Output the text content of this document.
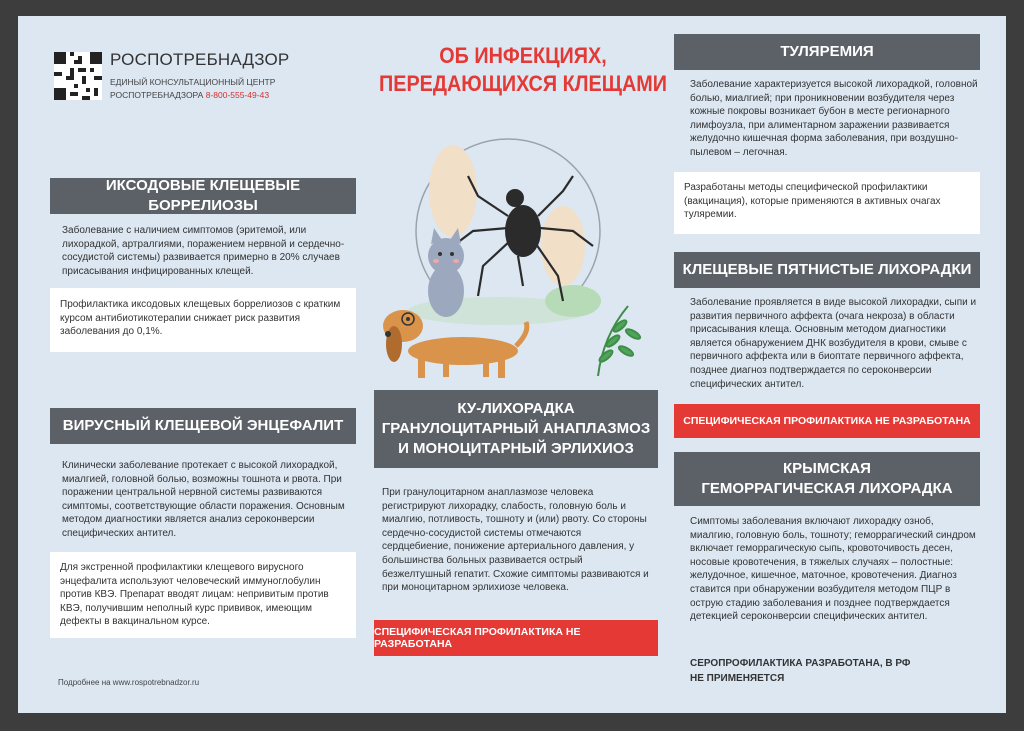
РОСПОТРЕБНАДЗОР
ЕДИНЫЙ КОНСУЛЬТАЦИОННЫЙ ЦЕНТР
РОСПОТРЕБНАДЗОРА 8-800-555-49-43
ОБ ИНФЕКЦИЯХ,
ПЕРЕДАЮЩИХСЯ КЛЕЩАМИ
ИКСОДОВЫЕ КЛЕЩЕВЫЕ БОРРЕЛИОЗЫ
Заболевание с наличием симптомов (эритемой, или лихорадкой, артралгиями, поражением нервной и сердечно-сосудистой системы) развивается примерно в 20% случаев присасывания инфицированных клещей.
Профилактика иксодовых клещевых боррелиозов с кратким курсом антибиотикотерапии снижает риск развития заболевания до 0,1%.
ВИРУСНЫЙ КЛЕЩЕВОЙ ЭНЦЕФАЛИТ
Клинически заболевание протекает с высокой лихорадкой, миалгией, головной болью, возможны тошнота и рвота. При поражении центральной нервной системы развиваются симптомы, соответствующие области поражения. Основным методом диагностики является анализ сероконверсии специфических антител.
Для экстренной профилактики клещевого вирусного энцефалита используют человеческий иммуноглобулин против КВЭ. Препарат вводят лицам: непривитым против КВЭ, получившим неполный курс прививок, имеющим дефекты в вакцинальном курсе.
КУ-ЛИХОРАДКА
ГРАНУЛОЦИТАРНЫЙ АНАПЛАЗМОЗ
И МОНОЦИТАРНЫЙ ЭРЛИХИОЗ
При гранулоцитарном анаплазмозе человека регистрируют лихорадку, слабость, головную боль и миалгию, потливость, тошноту и (или) рвоту. Со стороны сердечно-сосудистой системы отмечаются сердцебиение, понижение артериального давления, у большинства больных развивается острый безжелтушный гепатит. Схожие симптомы развиваются и при моноцитарном эрлихиозе человека.
СПЕЦИФИЧЕСКАЯ ПРОФИЛАКТИКА НЕ РАЗРАБОТАНА
ТУЛЯРЕМИЯ
Заболевание характеризуется высокой лихорадкой, головной болью, миалгией; при проникновении возбудителя через кожные покровы возникает бубон в месте регионарного лимфоузла, при алиментарном заражении развивается желудочно кишечная форма заболевания, при воздушно-пылевом – легочная.
Разработаны методы специфической профилактики (вакцинация), которые применяются в активных очагах туляремии.
КЛЕЩЕВЫЕ ПЯТНИСТЫЕ ЛИХОРАДКИ
Заболевание проявляется в виде высокой лихорадки, сыпи и развития первичного аффекта (очага некроза) в области присасывания клеща. Основным методом диагностики является обнаружением ДНК возбудителя в крови, смыве с первичного аффекта или в биоптате первичного аффекта, позднее диагноз подтверждается по сероконверсии специфических антител.
СПЕЦИФИЧЕСКАЯ ПРОФИЛАКТИКА НЕ РАЗРАБОТАНА
КРЫМСКАЯ
ГЕМОРРАГИЧЕСКАЯ ЛИХОРАДКА
Симптомы заболевания включают лихорадку озноб, миалгию, головную боль, тошноту; геморрагический синдром включает геморрагическую сыпь, кровоточивость десен, носовые кровотечения, в тяжелых случаях – полостные: желудочное, кишечное, маточное, кровотечения. Диагноз ставится при обнаружении возбудителя методом ПЦР в острую стадию заболевания и позднее подтверждается детекцией сероконверсии специфических антител.
СЕРОПРОФИЛАКТИКА РАЗРАБОТАНА, В РФ
НЕ ПРИМЕНЯЕТСЯ
Подробнее на www.rospotrebnadzor.ru
